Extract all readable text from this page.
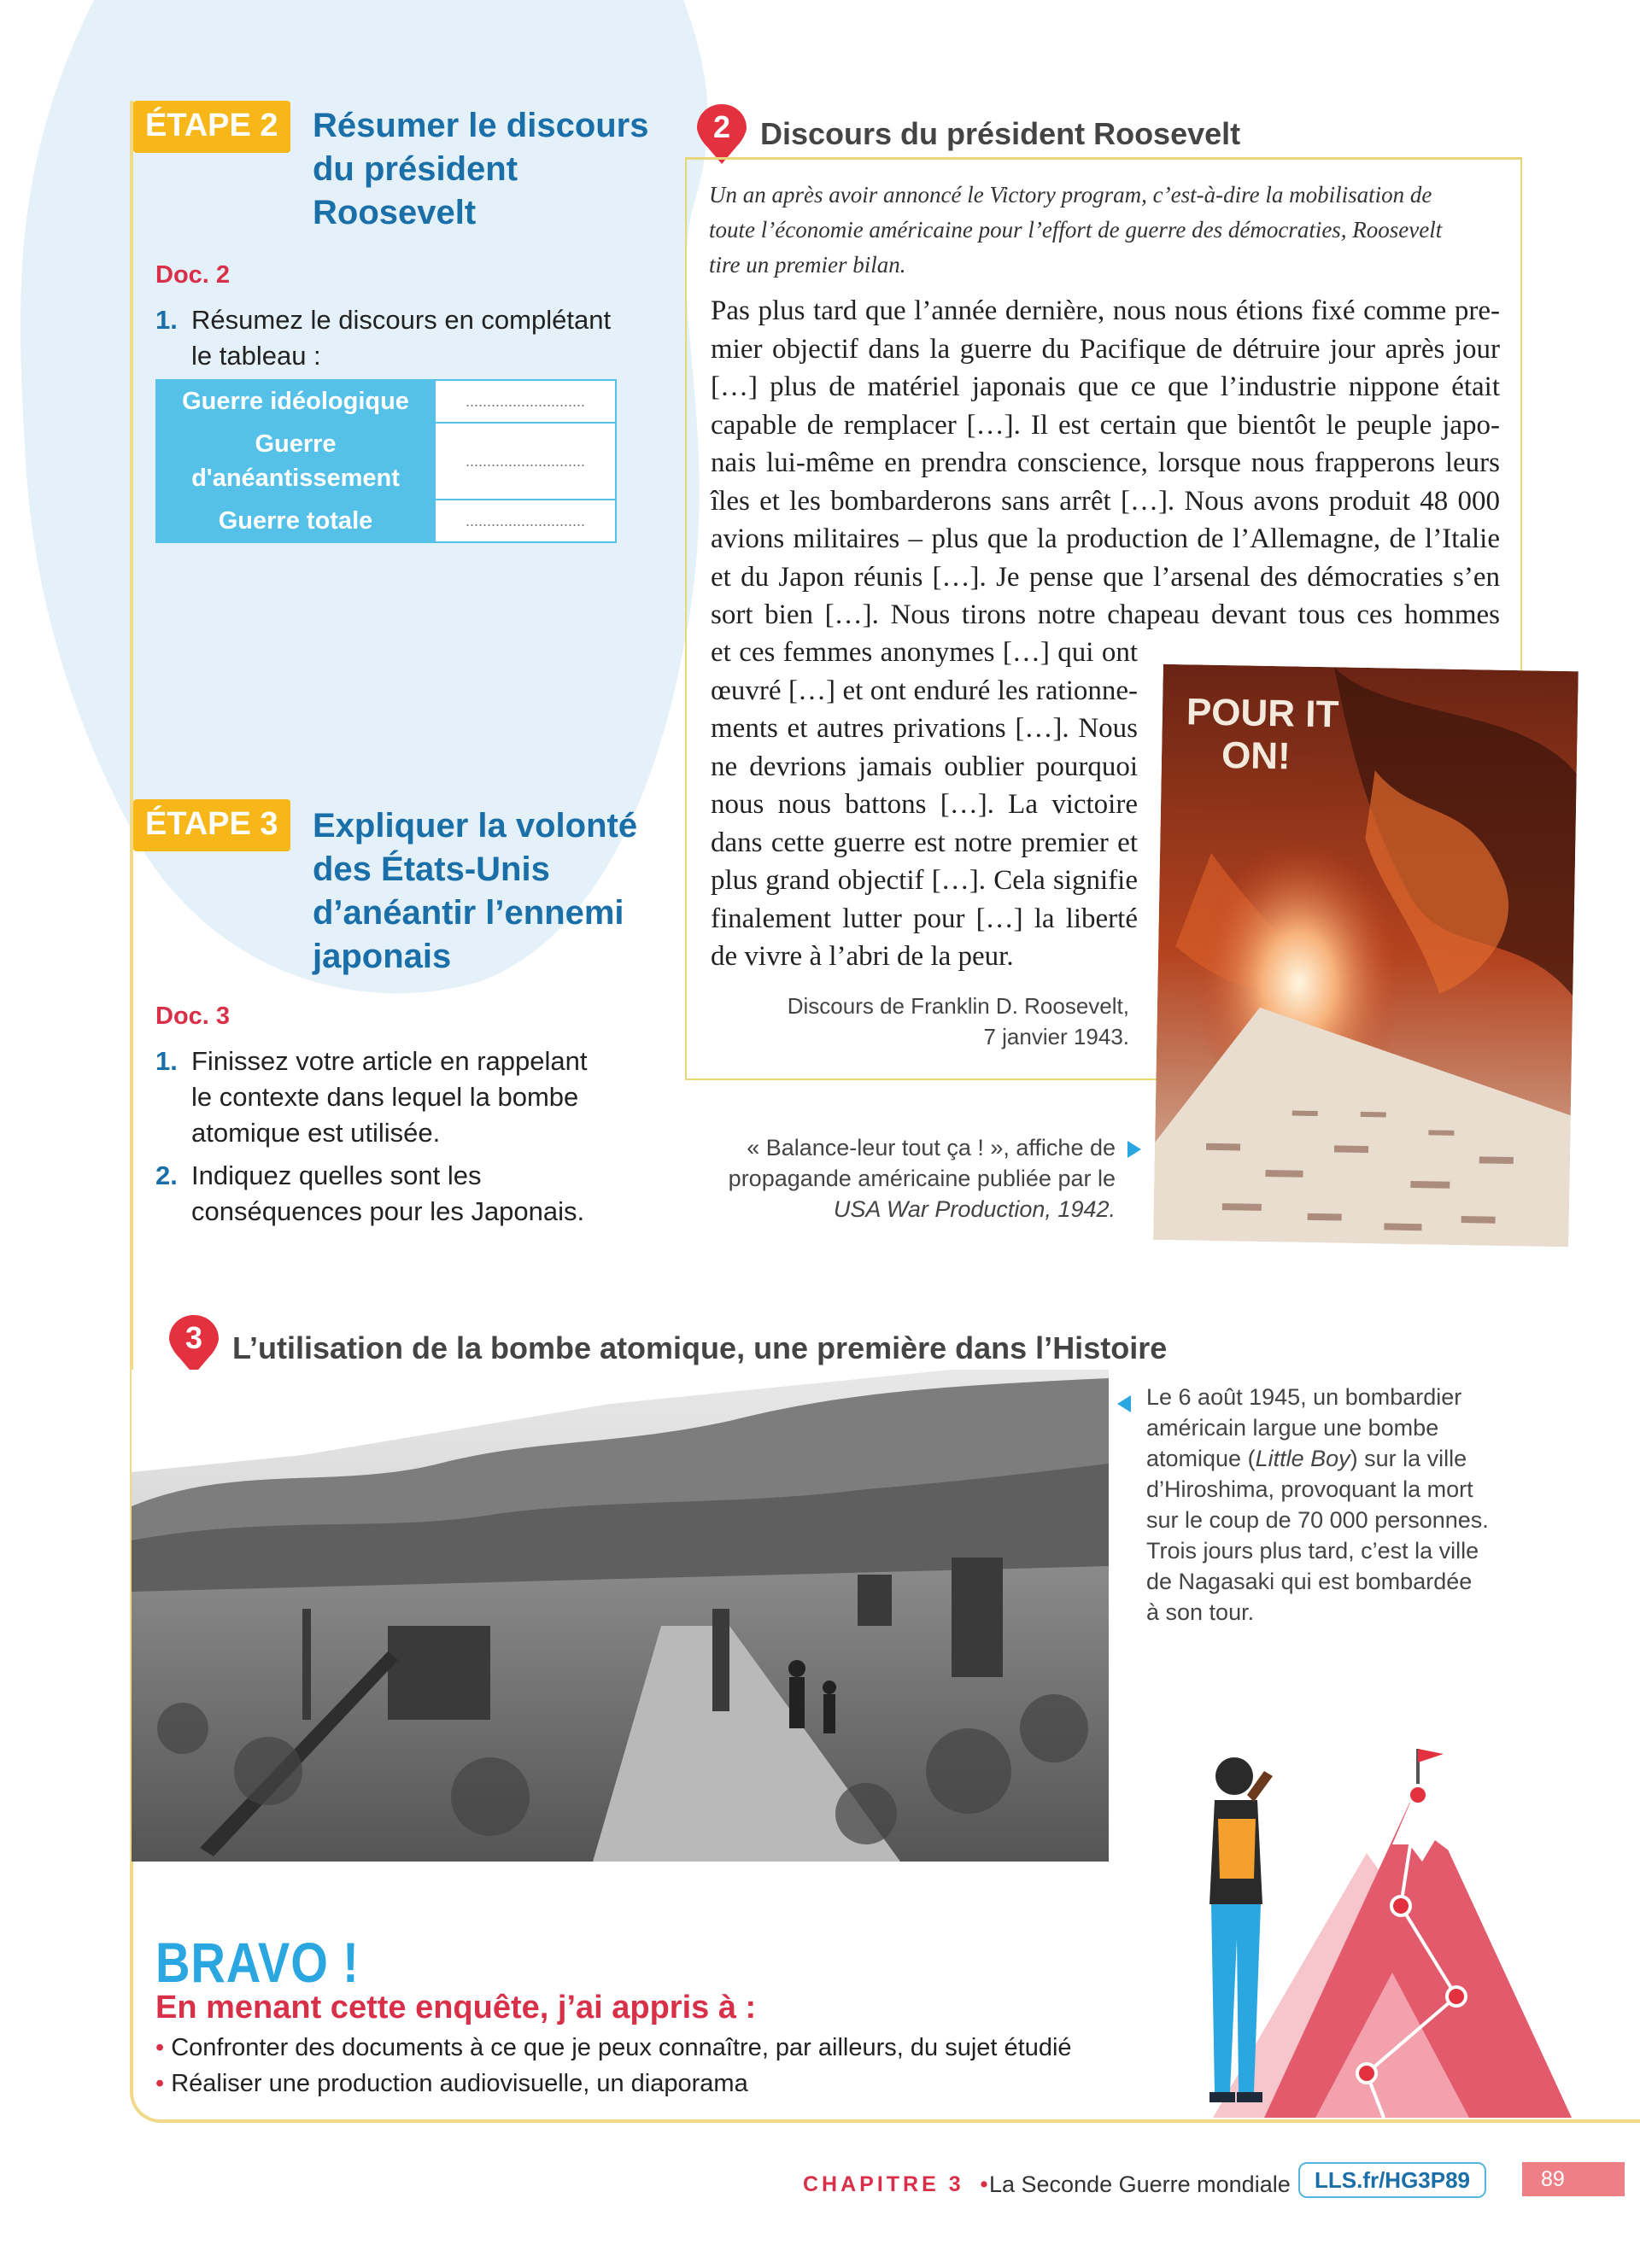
ÉTAPE 2	Résumer le discours
du président
Roosevelt
Doc. 2
1. Résumez le discours en complétant
le tableau :
Guerre idéologique	............................

Guerre
d'anéantissement	............................
Guerre totale	............................
ÉTAPE 3	Expliquer la volonté
des États-Unis
d’anéantir l’ennemi
japonais
Doc. 3
1. Finissez votre article en rappelant
le contexte dans lequel la bombe
atomique est utilisée.
2. Indiquez quelles sont les
conséquences pour les Japonais.
2 Discours du président Roosevelt
Un an après avoir annoncé le Victory program, c’est-à-dire la mobilisation de
toute l’économie américaine pour l’effort de guerre des démocraties, Roosevelt
tire un premier bilan.
Pas plus tard que l’année dernière, nous nous étions fixé comme pre-
mier objectif dans la guerre du Pacifique de détruire jour après jour
[…] plus de matériel japonais que ce que l’industrie nippone était
capable de remplacer […]. Il est certain que bientôt le peuple japo-
nais lui-même en prendra conscience, lorsque nous frapperons leurs
îles et les bombarderons sans arrêt […]. Nous avons produit 48 000
avions militaires – plus que la production de l’Allemagne, de l’Italie
et du Japon réunis […]. Je pense que l’arsenal des démocraties s’en
sort bien […]. Nous tirons notre chapeau devant tous ces hommes
et ces femmes anonymes […] qui ont
œuvré […] et ont enduré les rationne-
ments et autres privations […]. Nous
ne devrions jamais oublier pourquoi
nous nous battons […]. La victoire
dans cette guerre est notre premier et
plus grand objectif […]. Cela signifie
finalement lutter pour […] la liberté
de vivre à l’abri de la peur.
Discours de Franklin D. Roosevelt,
7 janvier 1943.
« Balance-leur tout ça ! », affiche de
propagande américaine publiée par le
USA War Production, 1942.
POUR IT
ON!
3 L’utilisation de la bombe atomique, une première dans l’Histoire
Le 6 août 1945, un bombardier
américain largue une bombe
atomique (Little Boy) sur la ville
d’Hiroshima, provoquant la mort
sur le coup de 70 000 personnes.
Trois jours plus tard, c’est la ville
de Nagasaki qui est bombardée
à son tour.
BRAVO !
En menant cette enquête, j’ai appris à :
• Confronter des documents à ce que je peux connaître, par ailleurs, du sujet étudié
• Réaliser une production audiovisuelle, un diaporama
CHAPITRE 3 •
La Seconde Guerre mondiale	LLS.fr/HG3P89	89
